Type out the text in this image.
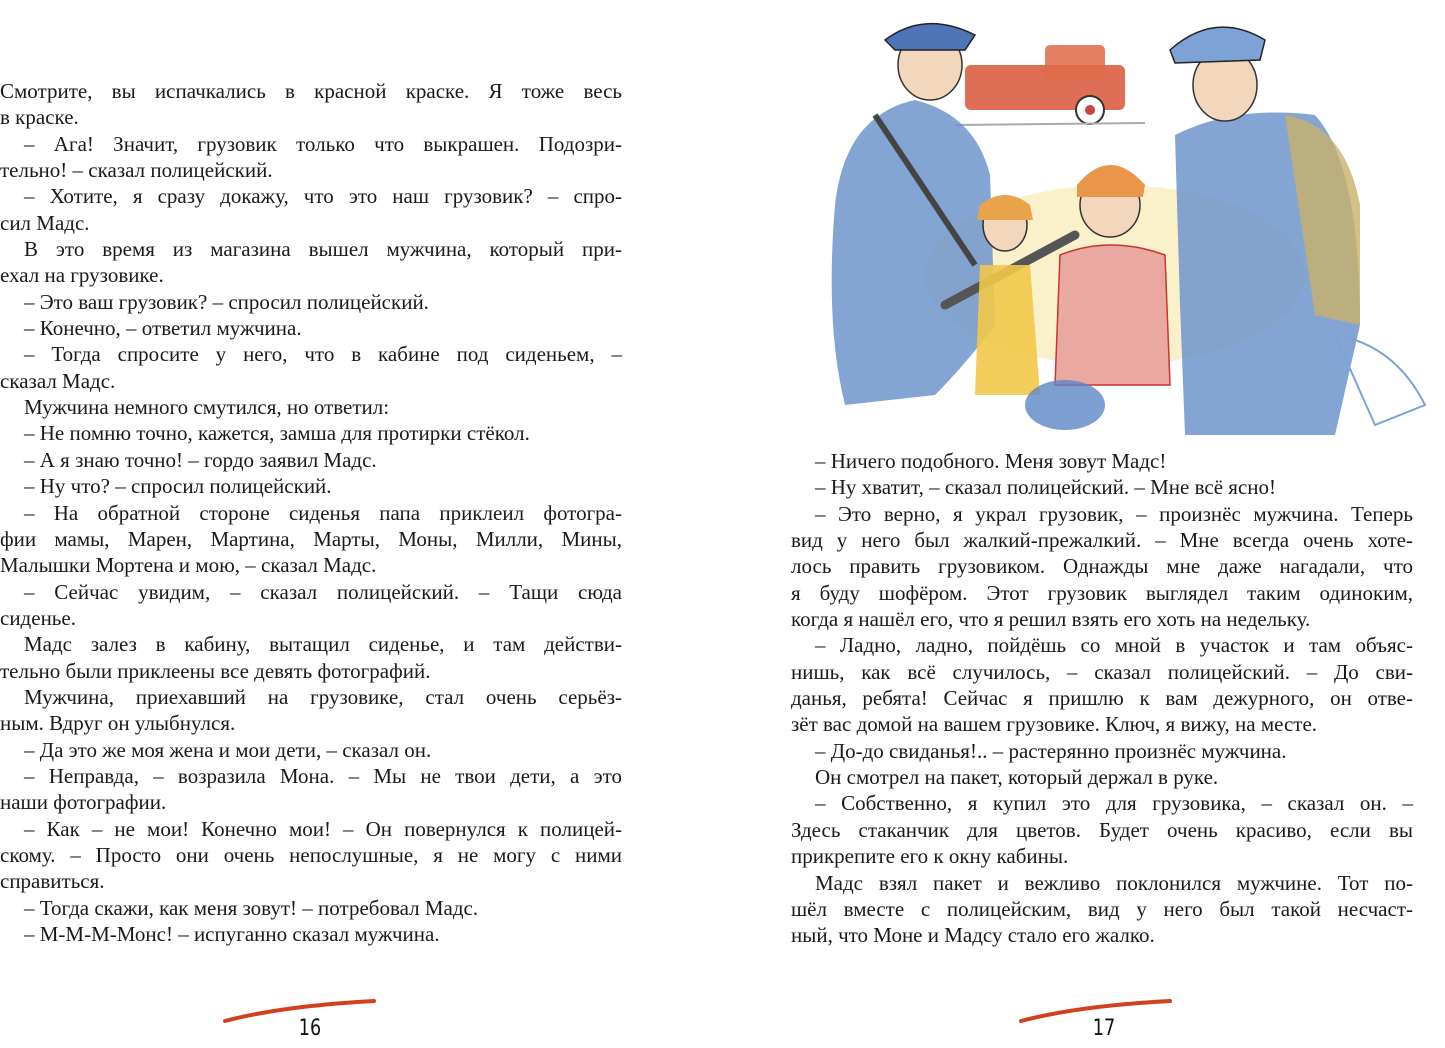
Смотрите, вы испачкались в красной краске. Я тоже весь
в краске.
– Ага! Значит, грузовик только что выкрашен. Подозри-
тельно! – сказал полицейский.
– Хотите, я сразу докажу, что это наш грузовик? – спро-
сил Мадс.
В это время из магазина вышел мужчина, который при-
ехал на грузовике.
– Это ваш грузовик? – спросил полицейский.
– Конечно, – ответил мужчина.
– Тогда спросите у него, что в кабине под сиденьем, –
сказал Мадс.
Мужчина немного смутился, но ответил:
– Не помню точно, кажется, замша для протирки стёкол.
– А я знаю точно! – гордо заявил Мадс.
– Ну что? – спросил полицейский.
– На обратной стороне сиденья папа приклеил фотогра-
фии мамы, Марен, Мартина, Марты, Моны, Милли, Мины,
Малышки Мортена и мою, – сказал Мадс.
– Сейчас увидим, – сказал полицейский. – Тащи сюда
сиденье.
Мадс залез в кабину, вытащил сиденье, и там действи-
тельно были приклеены все девять фотографий.
Мужчина, приехавший на грузовике, стал очень серьёз-
ным. Вдруг он улыбнулся.
– Да это же моя жена и мои дети, – сказал он.
– Неправда, – возразила Мона. – Мы не твои дети, а это
наши фотографии.
– Как – не мои! Конечно мои! – Он повернулся к полицей-
скому. – Просто они очень непослушные, я не могу с ними
справиться.
– Тогда скажи, как меня зовут! – потребовал Мадс.
– М-М-М-Монс! – испуганно сказал мужчина.
– Ничего подобного. Меня зовут Мадс!
– Ну хватит, – сказал полицейский. – Мне всё ясно!
– Это верно, я украл грузовик, – произнёс мужчина. Теперь
вид у него был жалкий-прежалкий. – Мне всегда очень хоте-
лось править грузовиком. Однажды мне даже нагадали, что
я буду шофёром. Этот грузовик выглядел таким одиноким,
когда я нашёл его, что я решил взять его хоть на недельку.
– Ладно, ладно, пойдёшь со мной в участок и там объяс-
нишь, как всё случилось, – сказал полицейский. – До сви-
данья, ребята! Сейчас я пришлю к вам дежурного, он отве-
зёт вас домой на вашем грузовике. Ключ, я вижу, на месте.
– До-до свиданья!.. – растерянно произнёс мужчина.
Он смотрел на пакет, который держал в руке.
– Собственно, я купил это для грузовика, – сказал он. –
Здесь стаканчик для цветов. Будет очень красиво, если вы
прикрепите его к окну кабины.
Мадс взял пакет и вежливо поклонился мужчине. Тот по-
шёл вместе с полицейским, вид у него был такой несчаст-
ный, что Моне и Мадсу стало его жалко.
16	17
